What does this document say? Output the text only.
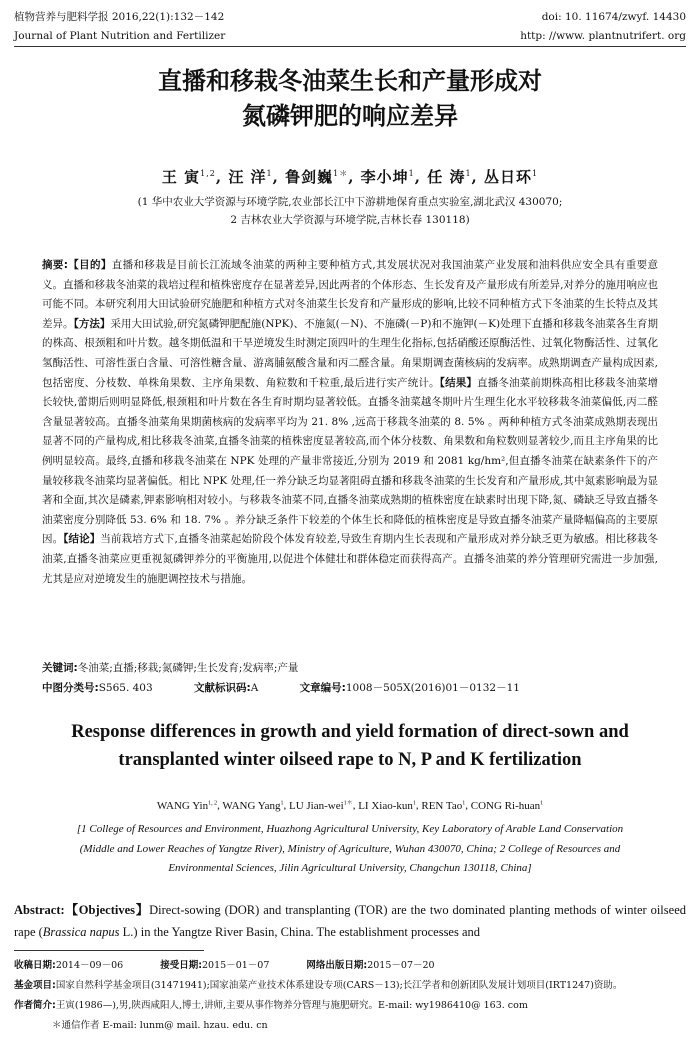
植物营养与肥料学报 2016,22(1):132－142	doi: 10. 11674/zwyf. 14430
Journal of Plant Nutrition and Fertilizer	http: //www. plantnutrifert. org
直播和移栽冬油菜生长和产量形成对
氮磷钾肥的响应差异
王 寅$^{1,2}$, 汪 洋$^1$, 鲁剑巍$^{1*}$, 李小坤$^1$, 任 涛$^1$, 丛日环$^1$
(1 华中农业大学资源与环境学院,农业部长江中下游耕地保育重点实验室,湖北武汉 430070;
2 吉林农业大学资源与环境学院,吉林长春 130118)
摘要:【目的】直播和移栽是目前长江流域冬油菜的两种主要种植方式,其发展状况对我国油菜产业发展和油料供应安全具有重要意义。直播和移栽冬油菜的栽培过程和植株密度存在显著差异,因此两者的个体形态、生长发育及产量形成有所差异,对养分的施用响应也可能不同。本研究利用大田试验研究施肥和种植方式对冬油菜生长发育和产量形成的影响,比较不同种植方式下冬油菜的生长特点及其差异。【方法】采用大田试验,研究氮磷钾肥配施(NPK)、不施氮(－N)、不施磷(－P)和不施钾(－K)处理下直播和移栽冬油菜各生育期的株高、根颈粗和叶片数。越冬期低温和干旱逆境发生时测定顶四叶的生理生化指标,包括硝酸还原酶活性、过氧化物酶活性、过氧化氢酶活性、可溶性蛋白含量、可溶性糖含量、游离脯氨酸含量和丙二醛含量。角果期调查菌核病的发病率。成熟期调查产量构成因素,包括密度、分枝数、单株角果数、主序角果数、角粒数和千粒重,最后进行实产统计。【结果】直播冬油菜前期株高相比移栽冬油菜增长较快,蕾期后则明显降低,根颈粗和叶片数在各生育时期均显著较低。直播冬油菜越冬期叶片生理生化水平较移栽冬油菜偏低,丙二醛含量显著较高。直播冬油菜角果期菌核病的发病率平均为 21. 8% ,远高于移栽冬油菜的 8. 5% 。两种种植方式冬油菜成熟期表现出显著不同的产量构成,相比移栽冬油菜,直播冬油菜的植株密度显著较高,而个体分枝数、角果数和角粒数则显著较少,而且主序角果的比例明显较高。最终,直播和移栽冬油菜在 NPK 处理的产量非常接近,分别为 2019 和 2081 kg/hm²,但直播冬油菜在缺素条件下的产量较移栽冬油菜均显著偏低。相比 NPK 处理,任一养分缺乏均显著阻碍直播和移栽冬油菜的生长发育和产量形成,其中氮素影响最为显著和全面,其次是磷素,钾素影响相对较小。与移栽冬油菜不同,直播冬油菜成熟期的植株密度在缺素时出现下降,氮、磷缺乏导致直播冬油菜密度分别降低 53. 6% 和 18. 7% 。养分缺乏条件下较差的个体生长和降低的植株密度是导致直播冬油菜产量降幅偏高的主要原因。【结论】当前栽培方式下,直播冬油菜起始阶段个体发育较差,导致生育期内生长表现和产量形成对养分缺乏更为敏感。相比移栽冬油菜,直播冬油菜应更重视氮磷钾养分的平衡施用,以促进个体健壮和群体稳定而获得高产。直播冬油菜的养分管理研究需进一步加强,尤其是应对逆境发生的施肥调控技术与措施。
关键词:冬油菜;直播;移栽;氮磷钾;生长发育;发病率;产量
中图分类号:S565. 403	文献标识码:A	文章编号:1008－505X(2016)01－0132－11
Response differences in growth and yield formation of direct-sown and
transplanted winter oilseed rape to N, P and K fertilization
WANG Yin$^{1, 2}$, WANG Yang$^1$, LU Jian-wei$^{1*}$, LI Xiao-kun$^1$, REN Tao$^1$, CONG Ri-huan$^1$
[1 College of Resources and Environment, Huazhong Agricultural University, Key Laboratory of Arable Land Conservation
(Middle and Lower Reaches of Yangtze River), Ministry of Agriculture, Wuhan 430070, China; 2 College of Resources and
Environmental Sciences, Jilin Agricultural University, Changchun 130118, China]
Abstract:【Objectives】Direct-sowing (DOR) and transplanting (TOR) are the two dominated planting methods of winter oilseed rape (Brassica napus L.) in the Yangtze River Basin, China. The establishment processes and
收稿日期:2014－09－06	接受日期:2015－01－07	网络出版日期:2015－07－20
基金项目:国家自然科学基金项目(31471941);国家油菜产业技术体系建设专项(CARS－13);长江学者和创新团队发展计划项目(IRT1247)资助。
作者简介:王寅(1986—),男,陕西咸阳人,博士,讲师,主要从事作物养分管理与施肥研究。E-mail: wy1986410@ 163. com
＊通信作者 E-mail: lunm@ mail. hzau. edu. cn
